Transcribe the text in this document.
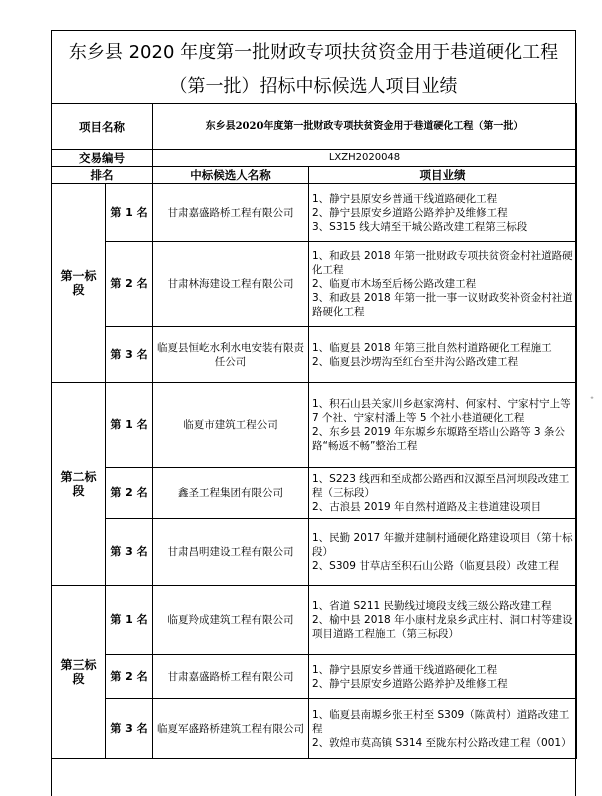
东乡县 2020 年度第一批财政专项扶贫资金用于巷道硬化工程
（第一批）招标中标候选人项目业绩
项目名称		东乡县2020年度第一批财政专项扶贫资金用于巷道硬化工程（第一批）	
交易编号		LXZH2020048	
排名		中标候选人名称	项目业绩
第一标段	第 1 名	甘肃嘉盛路桥工程有限公司	1、静宁县原安乡普通干线道路硬化工程
2、静宁县原安乡道路公路养护及维修工程
3、S315 线大靖至干城公路改建工程第三标段

	第 2 名	甘肃林海建设工程有限公司	1、和政县 2018 年第一批财政专项扶贫资金村社道路硬化工程
2、临夏市木场至后杨公路改建工程
3、和政县 2018 年第一批一事一议财政奖补资金村社道路硬化工程

	第 3 名	临夏县恒屹水利水电安装有限责任公司	1、临夏县 2018 年第三批自然村道路硬化工程施工
2、临夏县沙塄沟至红台至井沟公路改建工程

第二标段	第 1 名	临夏市建筑工程公司	1、积石山县关家川乡赵家湾村、何家村、宁家村宁上等 7 个社、宁家村潘上等 5 个社小巷道硬化工程
2、东乡县 2019 年东塬乡东塬路至塔山公路等 3 条公路“畅返不畅”整治工程

	第 2 名	鑫圣工程集团有限公司	1、S223 线西和至成都公路西和汉源至昌河坝段改建工程（三标段）
2、古浪县 2019 年自然村道路及主巷道建设项目

	第 3 名	甘肃昌明建设工程有限公司	1、民勤 2017 年撤并建制村通硬化路建设项目（第十标段）
2、S309 甘草店至积石山公路（临夏县段）改建工程

第三标段	第 1 名	临夏羚成建筑工程有限公司	1、省道 S211 民勤线过境段支线三级公路改建工程
2、榆中县 2018 年小康村龙泉乡武庄村、洞口村等建设项目道路工程施工（第三标段）

	第 2 名	甘肃嘉盛路桥工程有限公司	1、静宁县原安乡普通干线道路硬化工程
2、静宁县原安乡道路公路养护及维修工程

	第 3 名	临夏军盛路桥建筑工程有限公司	1、临夏县南塬乡张王村至 S309（陈黄村）道路改建工程
2、敦煌市莫高镇 S314 至陇东村公路改建工程（001）
ᐩ
